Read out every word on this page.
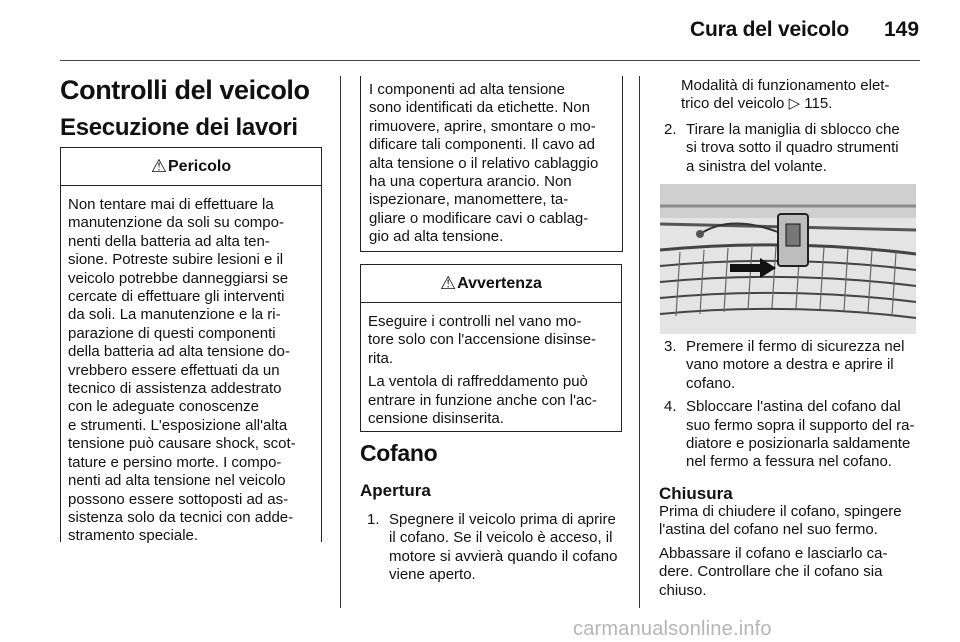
Cura del veicolo 149
Controlli del veicolo
Esecuzione dei lavori
⚠ Pericolo
Non tentare mai di effettuare la
manutenzione da soli su compo-
nenti della batteria ad alta ten-
sione. Potreste subire lesioni e il
veicolo potrebbe danneggiarsi se
cercate di effettuare gli interventi
da soli. La manutenzione e la ri-
parazione di questi componenti
della batteria ad alta tensione do-
vrebbero essere effettuati da un
tecnico di assistenza addestrato
con le adeguate conoscenze
e strumenti. L'esposizione all'alta
tensione può causare shock, scot-
tature e persino morte. I compo-
nenti ad alta tensione nel veicolo
possono essere sottoposti ad as-
sistenza solo da tecnici con adde-
stramento speciale.
I componenti ad alta tensione
sono identificati da etichette. Non
rimuovere, aprire, smontare o mo-
dificare tali componenti. Il cavo ad
alta tensione o il relativo cablaggio
ha una copertura arancio. Non
ispezionare, manomettere, ta-
gliare o modificare cavi o cablag-
gio ad alta tensione.
⚠ Avvertenza

Eseguire i controlli nel vano mo-
tore solo con l'accensione disinse-
rita.

La ventola di raffreddamento può
entrare in funzione anche con l'ac-
censione disinserita.

Cofano
Apertura
1. Spegnere il veicolo prima di aprire
il cofano. Se il veicolo è acceso, il
motore si avvierà quando il cofano
viene aperto.
Modalità di funzionamento elet-
trico del veicolo ▷ 115.
2. Tirare la maniglia di sblocco che
si trova sotto il quadro strumenti
a sinistra del volante.
3. Premere il fermo di sicurezza nel
vano motore a destra e aprire il
cofano.
4. Sbloccare l'astina del cofano dal
suo fermo sopra il supporto del ra-
diatore e posizionarla saldamente
nel fermo a fessura nel cofano.
Chiusura

Prima di chiudere il cofano, spingere
l'astina del cofano nel suo fermo.

Abbassare il cofano e lasciarlo ca-
dere. Controllare che il cofano sia
chiuso.

carmanualsonline.info
